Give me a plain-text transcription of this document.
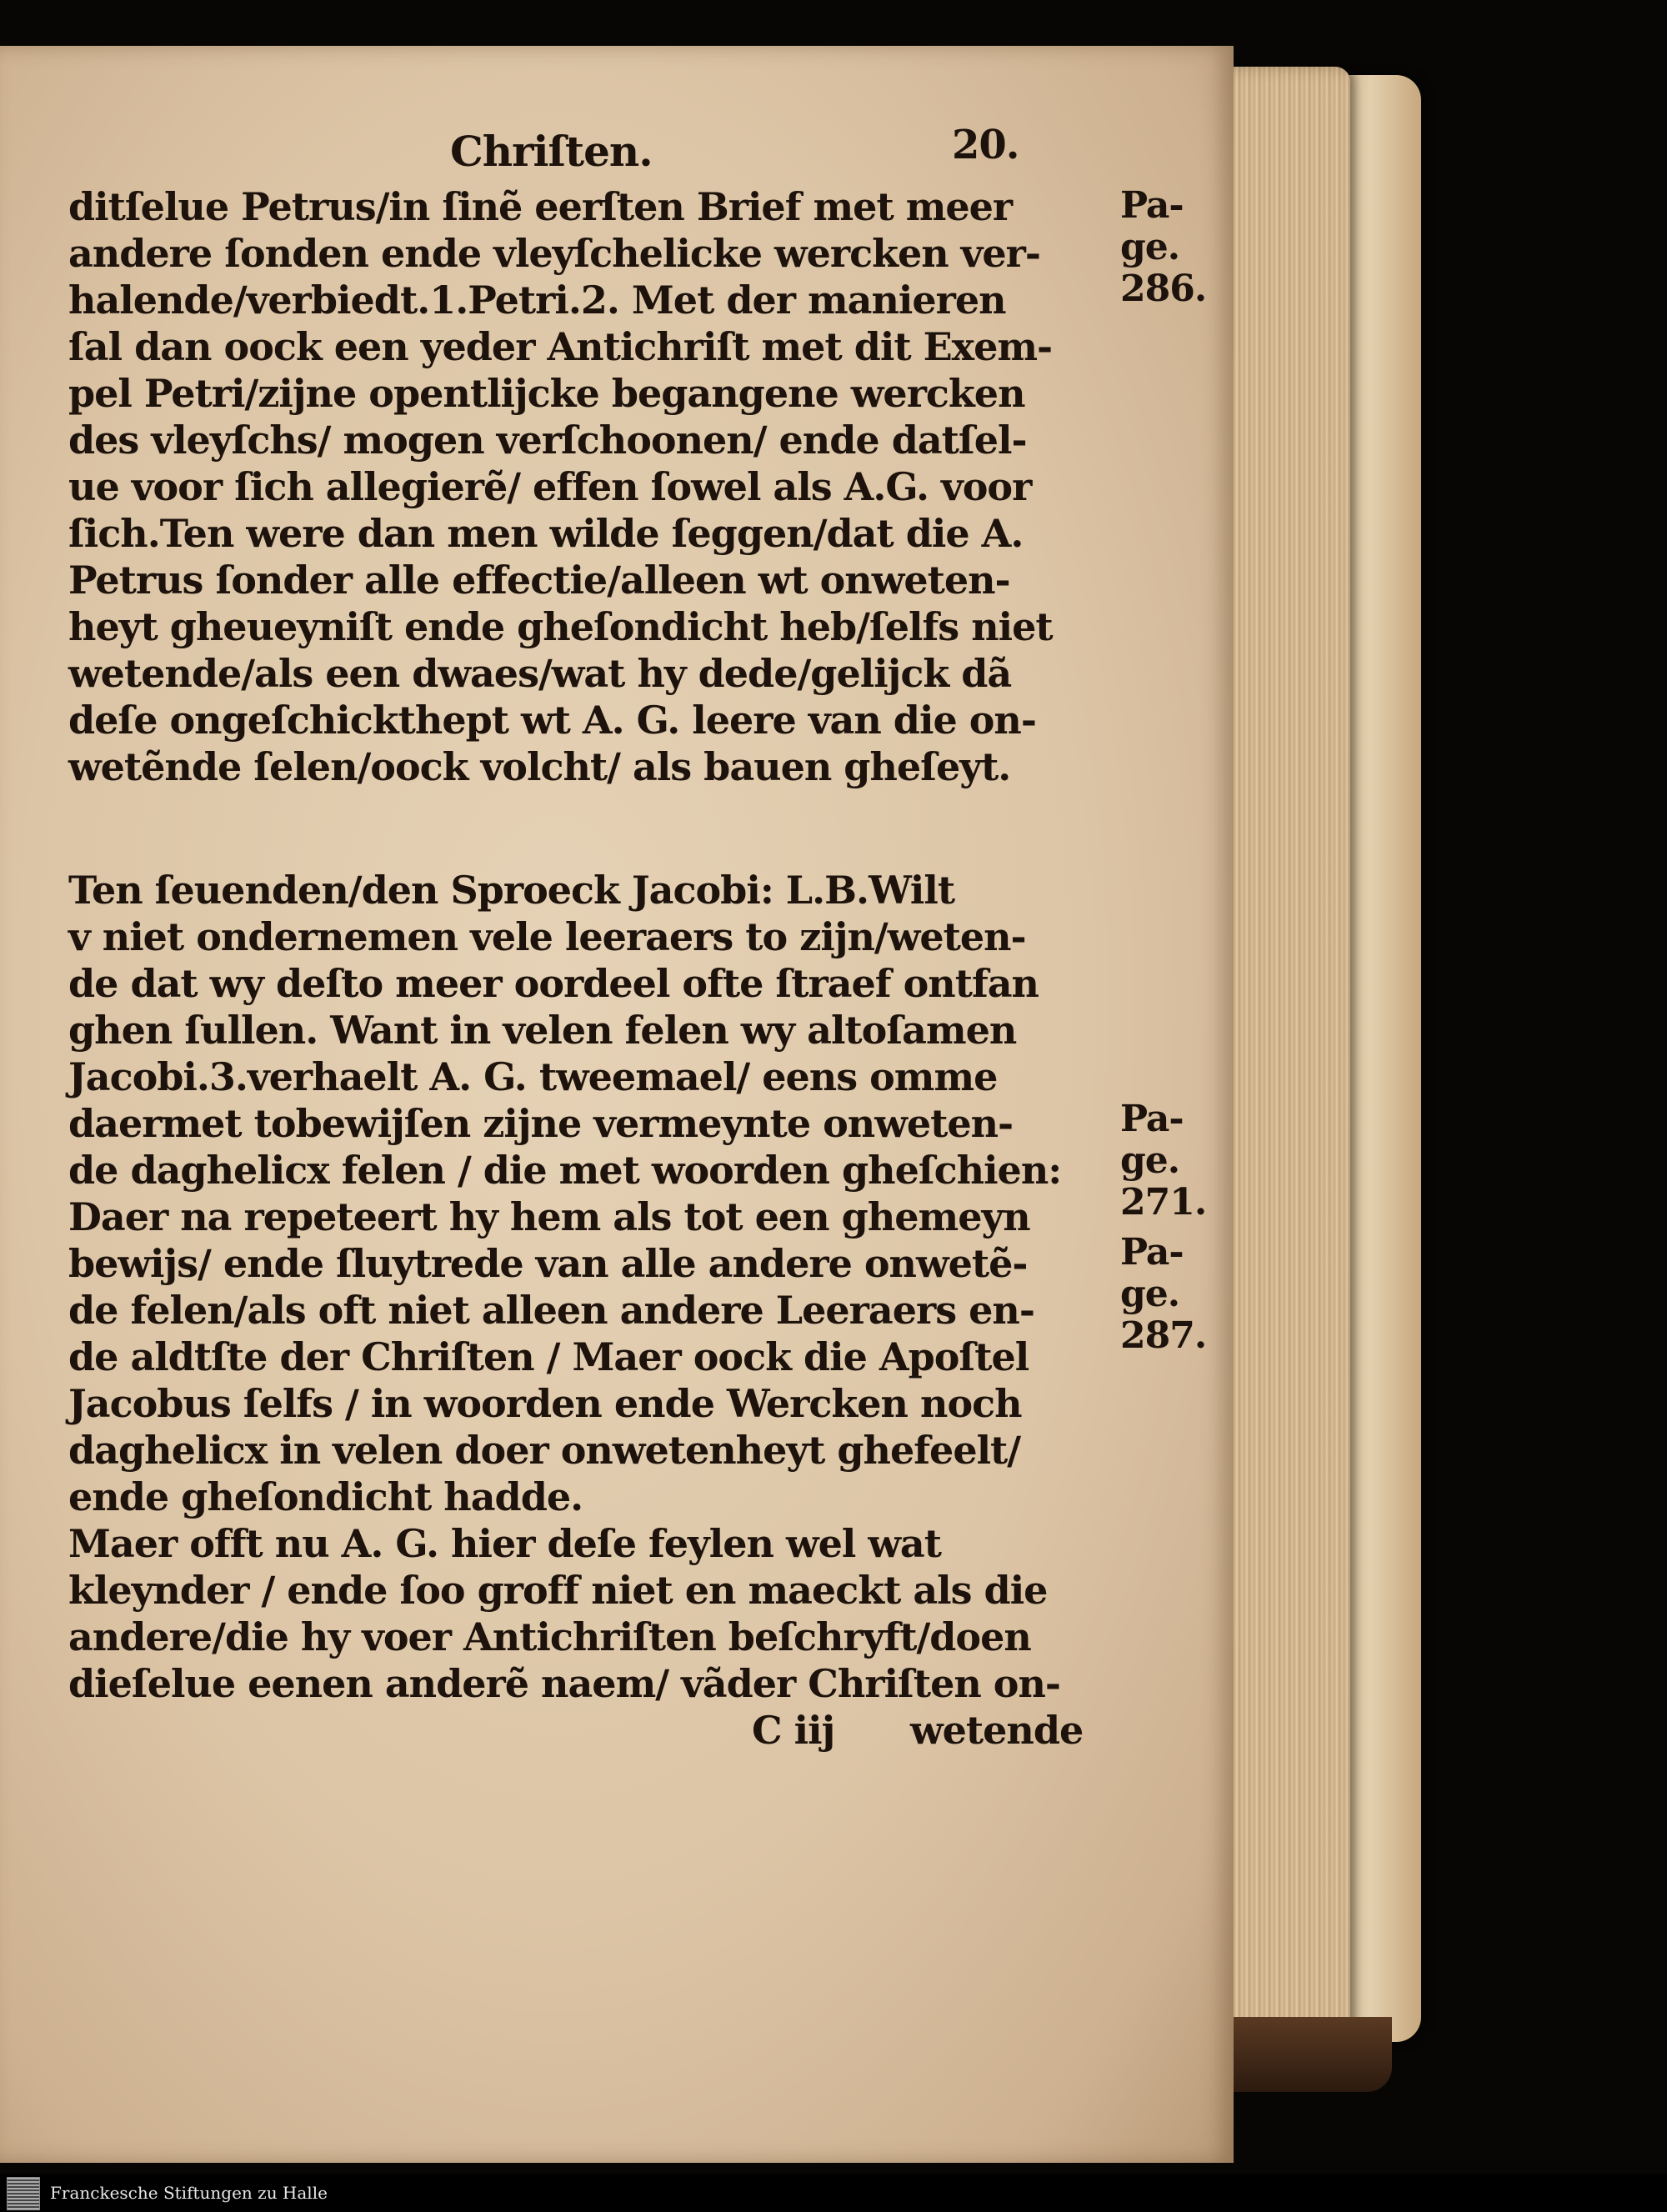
Chriſten.	20.
ditſelue Petrus/in ſinẽ eerſten Brief met meer
andere ſonden ende vleyſchelicke wercken ver-
halende/verbiedt.1.Petri.2. Met der manieren
ſal dan oock een yeder Antichriſt met dit Exem-
pel Petri/zijne opentlijcke begangene wercken
des vleyſchs/ mogen verſchoonen/ ende datſel-
ue voor ſich allegierẽ/ effen ſowel als A.G. voor
ſich.Ten were dan men wilde ſeggen/dat die A.
Petrus ſonder alle effectie/alleen wt onweten-
heyt gheueyniſt ende gheſondicht heb/ſelfs niet
wetende/als een dwaes/wat hy dede/gelijck dã
deſe ongeſchickthept wt A. G. leere van die on-
wetẽnde ſelen/oock volcht/ als bauen gheſeyt.
Ten ſeuenden/den Sproeck Jacobi: L.B.Wilt
v niet ondernemen vele leeraers to zijn/weten-
de dat wy deſto meer oordeel ofte ſtraef ontfan
ghen ſullen. Want in velen felen wy altoſamen
Jacobi.3.verhaelt A. G. tweemael/ eens omme
daermet tobewijſen zijne vermeynte onweten-
de daghelicx felen / die met woorden gheſchien:
Daer na repeteert hy hem als tot een ghemeyn
bewijs/ ende ſluytrede van alle andere onwetẽ-
de felen/als oft niet alleen andere Leeraers en-
de aldtſte der Chriſten / Maer oock die Apoſtel
Jacobus ſelfs / in woorden ende Wercken noch
daghelicx in velen doer onwetenheyt ghefeelt/
ende gheſondicht hadde.
Maer offt nu A. G. hier deſe feylen wel wat
kleynder / ende ſoo groff niet en maeckt als die
andere/die hy voer Antichriſten beſchryft/doen
dieſelue eenen anderẽ naem/ vãder Chriſten on-
C iij wetende
Pa-
ge.
286.
Pa-
ge.
271.
Pa-
ge.
287.
Franckesche Stiftungen zu Halle
